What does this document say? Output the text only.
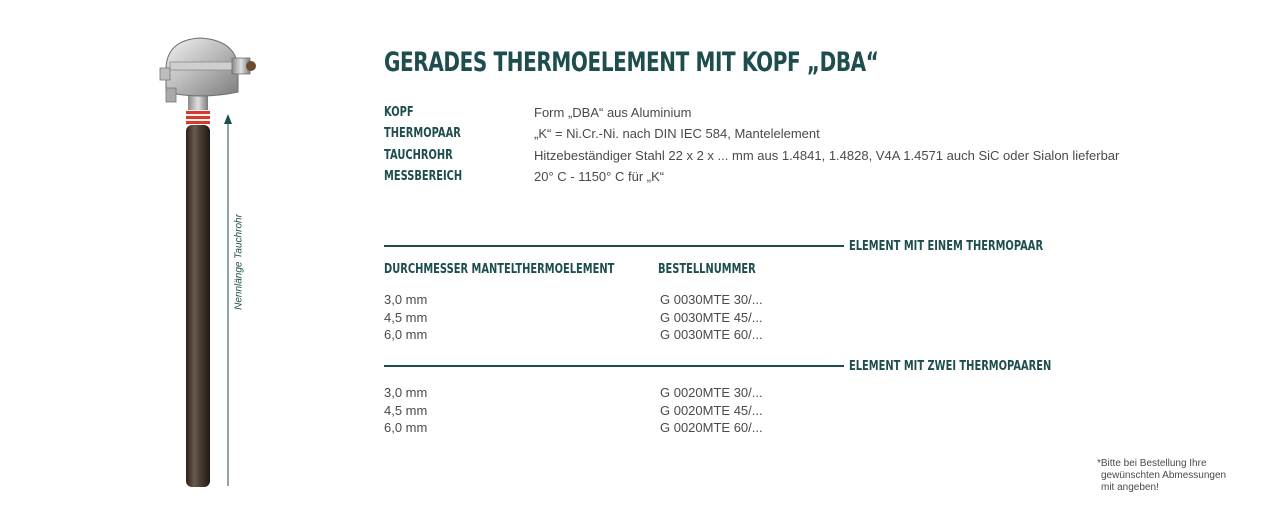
Nennlänge Tauchrohr
GERADES THERMOELEMENT MIT KOPF „DBA“
KOPF	Form „DBA“ aus Aluminium
THERMOPAAR	„K“ = Ni.Cr.-Ni. nach DIN IEC 584, Mantelelement
TAUCHROHR	Hitzebeständiger Stahl 22 x 2 x ... mm aus 1.4841, 1.4828, V4A 1.4571 auch SiC oder Sialon lieferbar
MESSBEREICH	20° C - 1150° C für „K“
ELEMENT MIT EINEM THERMOPAAR
DURCHMESSER MANTELTHERMOELEMENT	BESTELLNUMMER
3,0 mm	G 0030MTE 30/...
4,5 mm	G 0030MTE 45/...
6,0 mm	G 0030MTE 60/...
ELEMENT MIT ZWEI THERMOPAAREN
3,0 mm	G 0020MTE 30/...
4,5 mm	G 0020MTE 45/...
6,0 mm	G 0020MTE 60/...
*Bitte bei Bestellung Ihre
gewünschten Abmessungen
mit angeben!
